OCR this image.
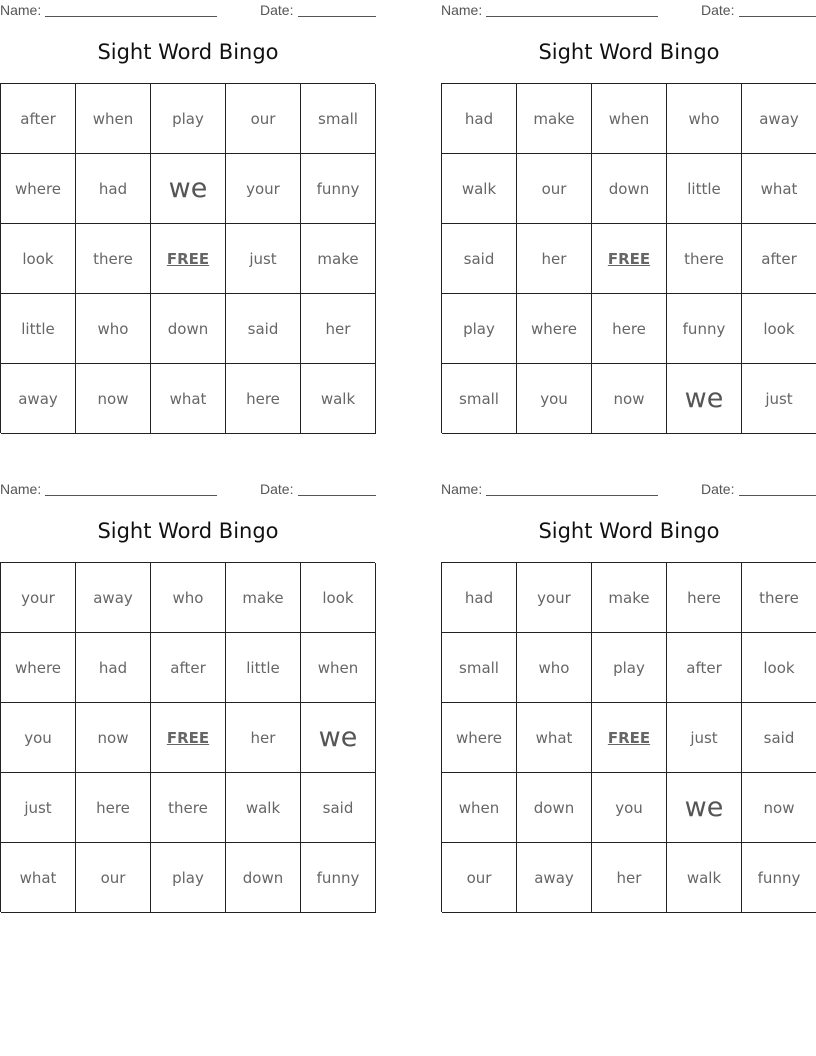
Name:	Date:
Sight Word Bingo
after	when	play	our	small
where	had	we	your	funny
look	there	FREE	just	make
little	who	down	said	her
away	now	what	here	walk
Name:	Date:
Sight Word Bingo
had	make	when	who	away
walk	our	down	little	what
said	her	FREE	there	after
play	where	here	funny	look
small	you	now	we	just
Name:	Date:
Sight Word Bingo
your	away	who	make	look
where	had	after	little	when
you	now	FREE	her	we
just	here	there	walk	said
what	our	play	down	funny
Name:	Date:
Sight Word Bingo
had	your	make	here	there
small	who	play	after	look
where	what	FREE	just	said
when	down	you	we	now
our	away	her	walk	funny
